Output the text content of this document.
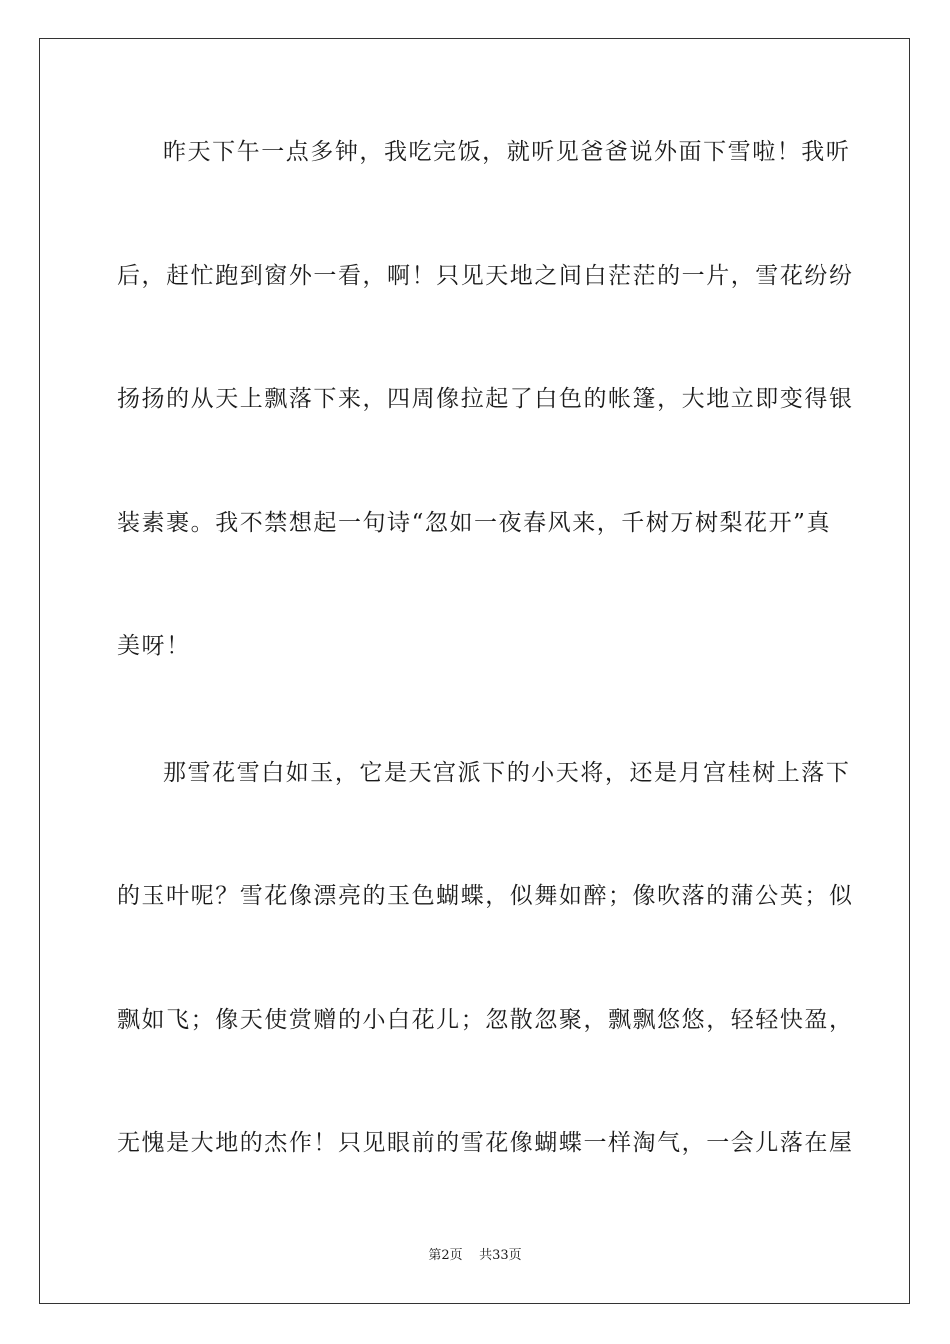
昨天下午一点多钟，我吃完饭，就听见爸爸说外面下雪啦！我听
后，赶忙跑到窗外一看，啊！只见天地之间白茫茫的一片，雪花纷纷
扬扬的从天上飘落下来，四周像拉起了白色的帐篷，大地立即变得银
装素裹。我不禁想起一句诗“忽如一夜春风来，千树万树梨花开”真
美呀！
那雪花雪白如玉，它是天宫派下的小天将，还是月宫桂树上落下
的玉叶呢？雪花像漂亮的玉色蝴蝶，似舞如醉；像吹落的蒲公英；似
飘如飞；像天使赏赠的小白花儿；忽散忽聚，飘飘悠悠，轻轻快盈，
无愧是大地的杰作！只见眼前的雪花像蝴蝶一样淘气，一会儿落在屋
第2页    共33页
